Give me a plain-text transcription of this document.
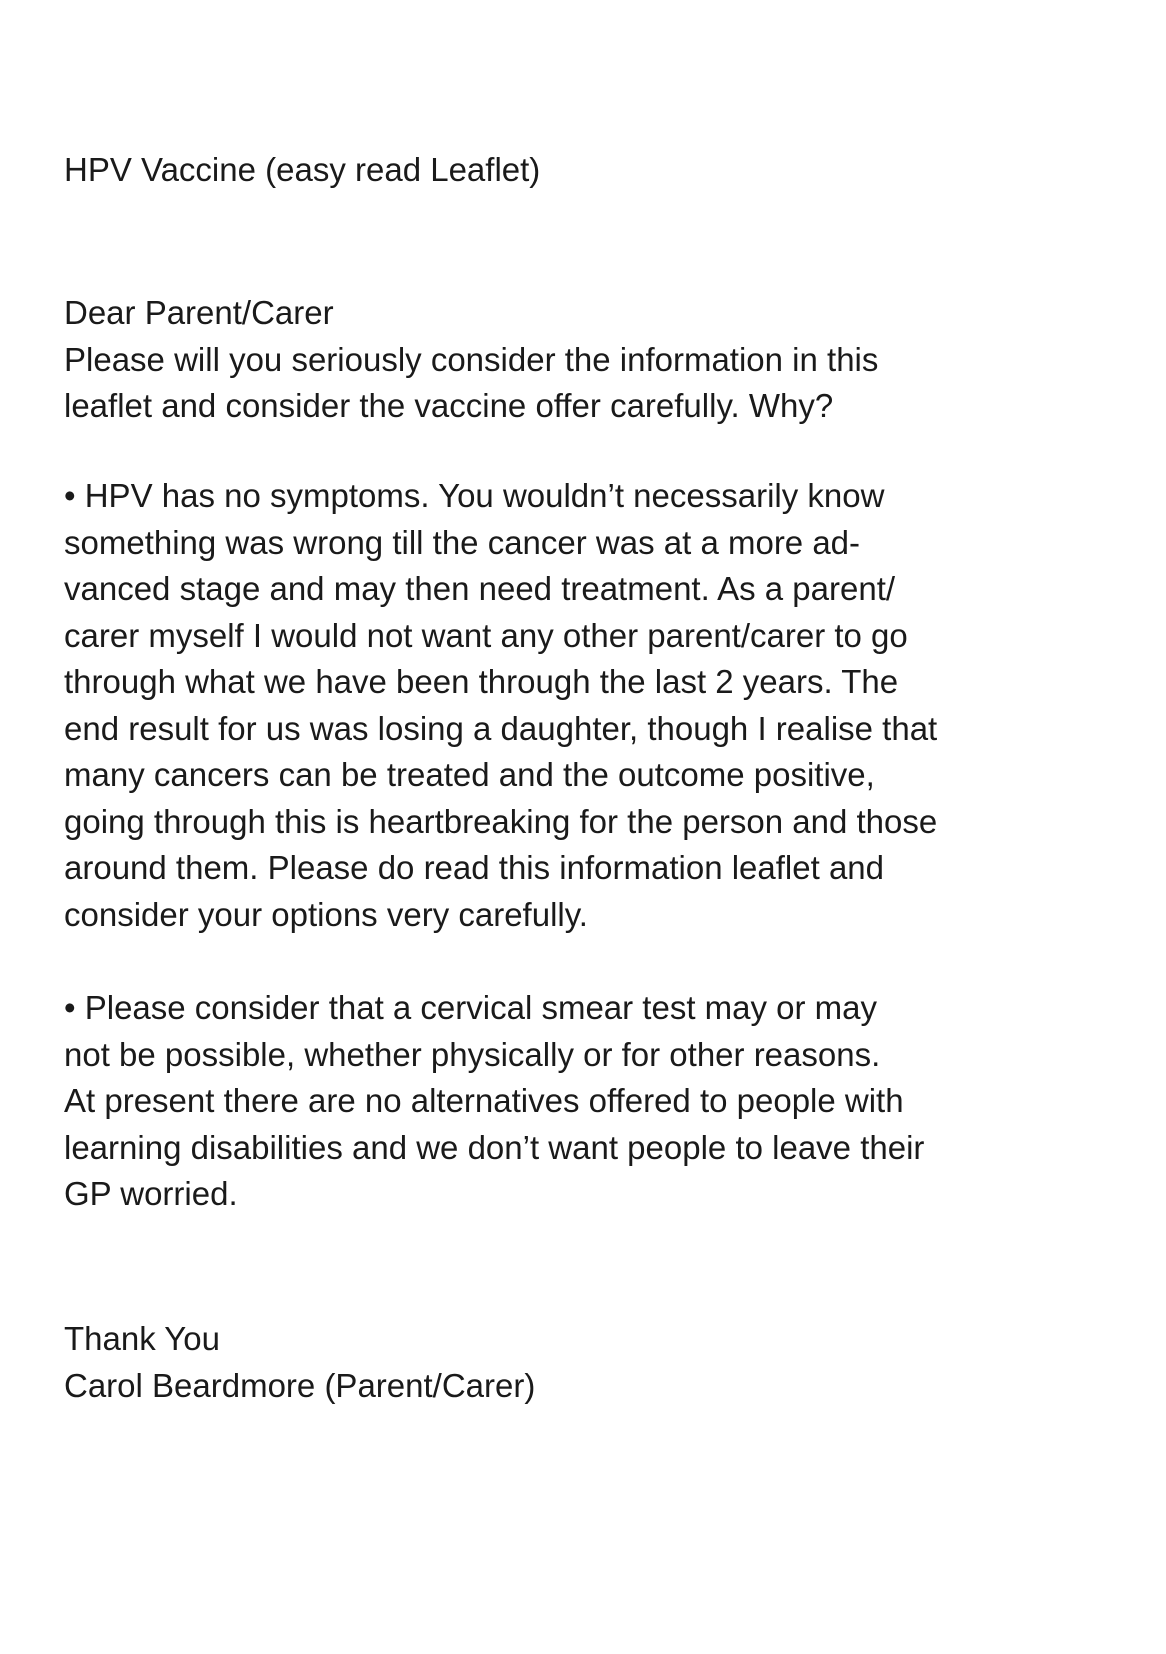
HPV Vaccine (easy read Leaflet)
Dear Parent/Carer
Please will you seriously consider the information in this
leaflet and consider the vaccine offer carefully. Why?
• HPV has no symptoms. You wouldn’t necessarily know
something was wrong till the cancer was at a more ad-
vanced stage and may then need treatment. As a parent/
carer myself I would not want any other parent/carer to go
through what we have been through the last 2 years. The
end result for us was losing a daughter, though I realise that
many cancers can be treated and the outcome positive,
going through this is heartbreaking for the person and those
around them. Please do read this information leaflet and
consider your options very carefully.
• Please consider that a cervical smear test may or may
not be possible, whether physically or for other reasons.
At present there are no alternatives offered to people with
learning disabilities and we don’t want people to leave their
GP worried.
Thank You
Carol Beardmore (Parent/Carer)
